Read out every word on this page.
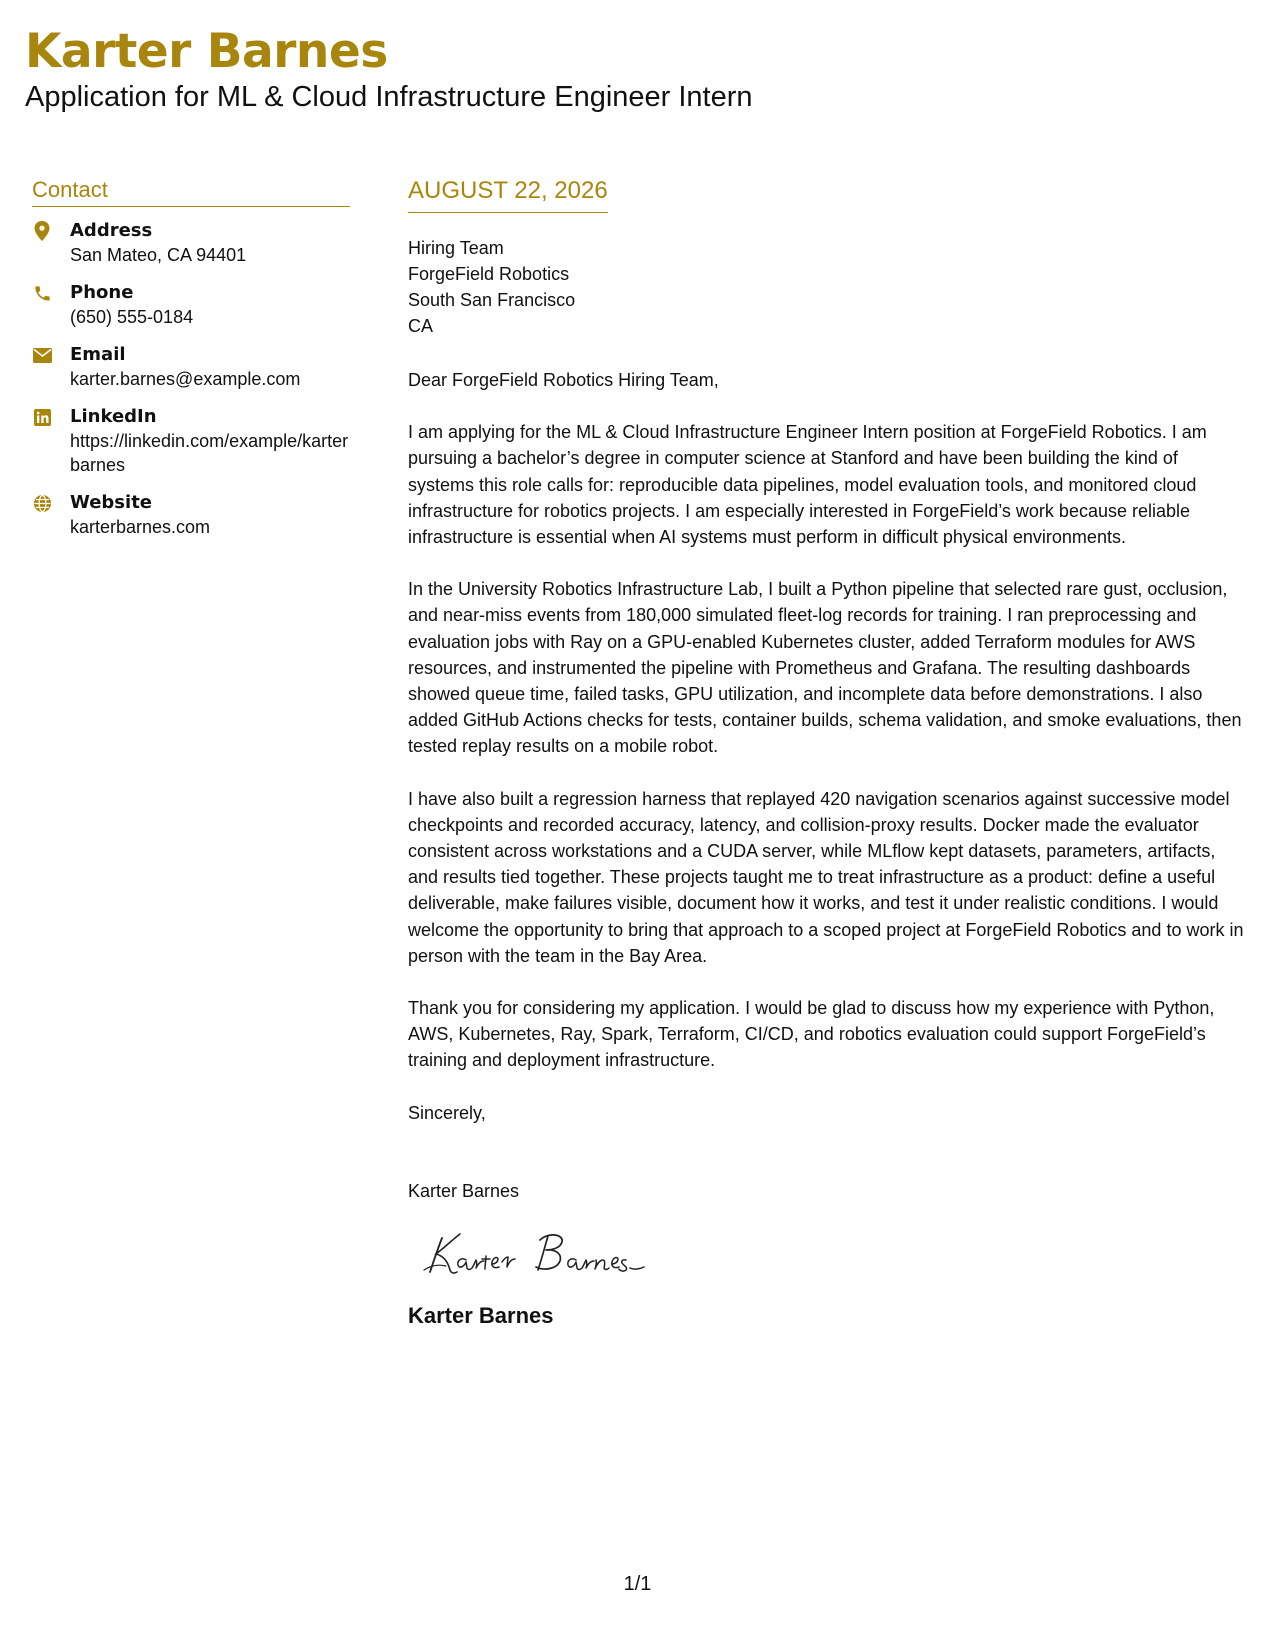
Karter Barnes
Application for ML & Cloud Infrastructure Engineer Intern
Contact
Address
San Mateo, CA 94401
Phone
(650) 555-0184
Email
karter.barnes@example.com
LinkedIn
https://linkedin.com/example/karterbarnes
Website
karterbarnes.com
AUGUST 22, 2026
Hiring Team
ForgeField Robotics
South San Francisco
CA

Dear ForgeField Robotics Hiring Team,

I am applying for the ML & Cloud Infrastructure Engineer Intern position at ForgeField Robotics. I am pursuing a bachelor’s degree in computer science at Stanford and have been building the kind of systems this role calls for: reproducible data pipelines, model evaluation tools, and monitored cloud infrastructure for robotics projects. I am especially interested in ForgeField’s work because reliable infrastructure is essential when AI systems must perform in difficult physical environments.

In the University Robotics Infrastructure Lab, I built a Python pipeline that selected rare gust, occlusion, and near-miss events from 180,000 simulated fleet-log records for training. I ran preprocessing and evaluation jobs with Ray on a GPU-enabled Kubernetes cluster, added Terraform modules for AWS resources, and instrumented the pipeline with Prometheus and Grafana. The resulting dashboards showed queue time, failed tasks, GPU utilization, and incomplete data before demonstrations. I also added GitHub Actions checks for tests, container builds, schema validation, and smoke evaluations, then tested replay results on a mobile robot.

I have also built a regression harness that replayed 420 navigation scenarios against successive model checkpoints and recorded accuracy, latency, and collision-proxy results. Docker made the evaluator consistent across workstations and a CUDA server, while MLflow kept datasets, parameters, artifacts, and results tied together. These projects taught me to treat infrastructure as a product: define a useful deliverable, make failures visible, document how it works, and test it under realistic conditions. I would welcome the opportunity to bring that approach to a scoped project at ForgeField Robotics and to work in person with the team in the Bay Area.

Thank you for considering my application. I would be glad to discuss how my experience with Python, AWS, Kubernetes, Ray, Spark, Terraform, CI/CD, and robotics evaluation could support ForgeField’s training and deployment infrastructure.

Sincerely,

Karter Barnes

Karter Barnes
1/1
